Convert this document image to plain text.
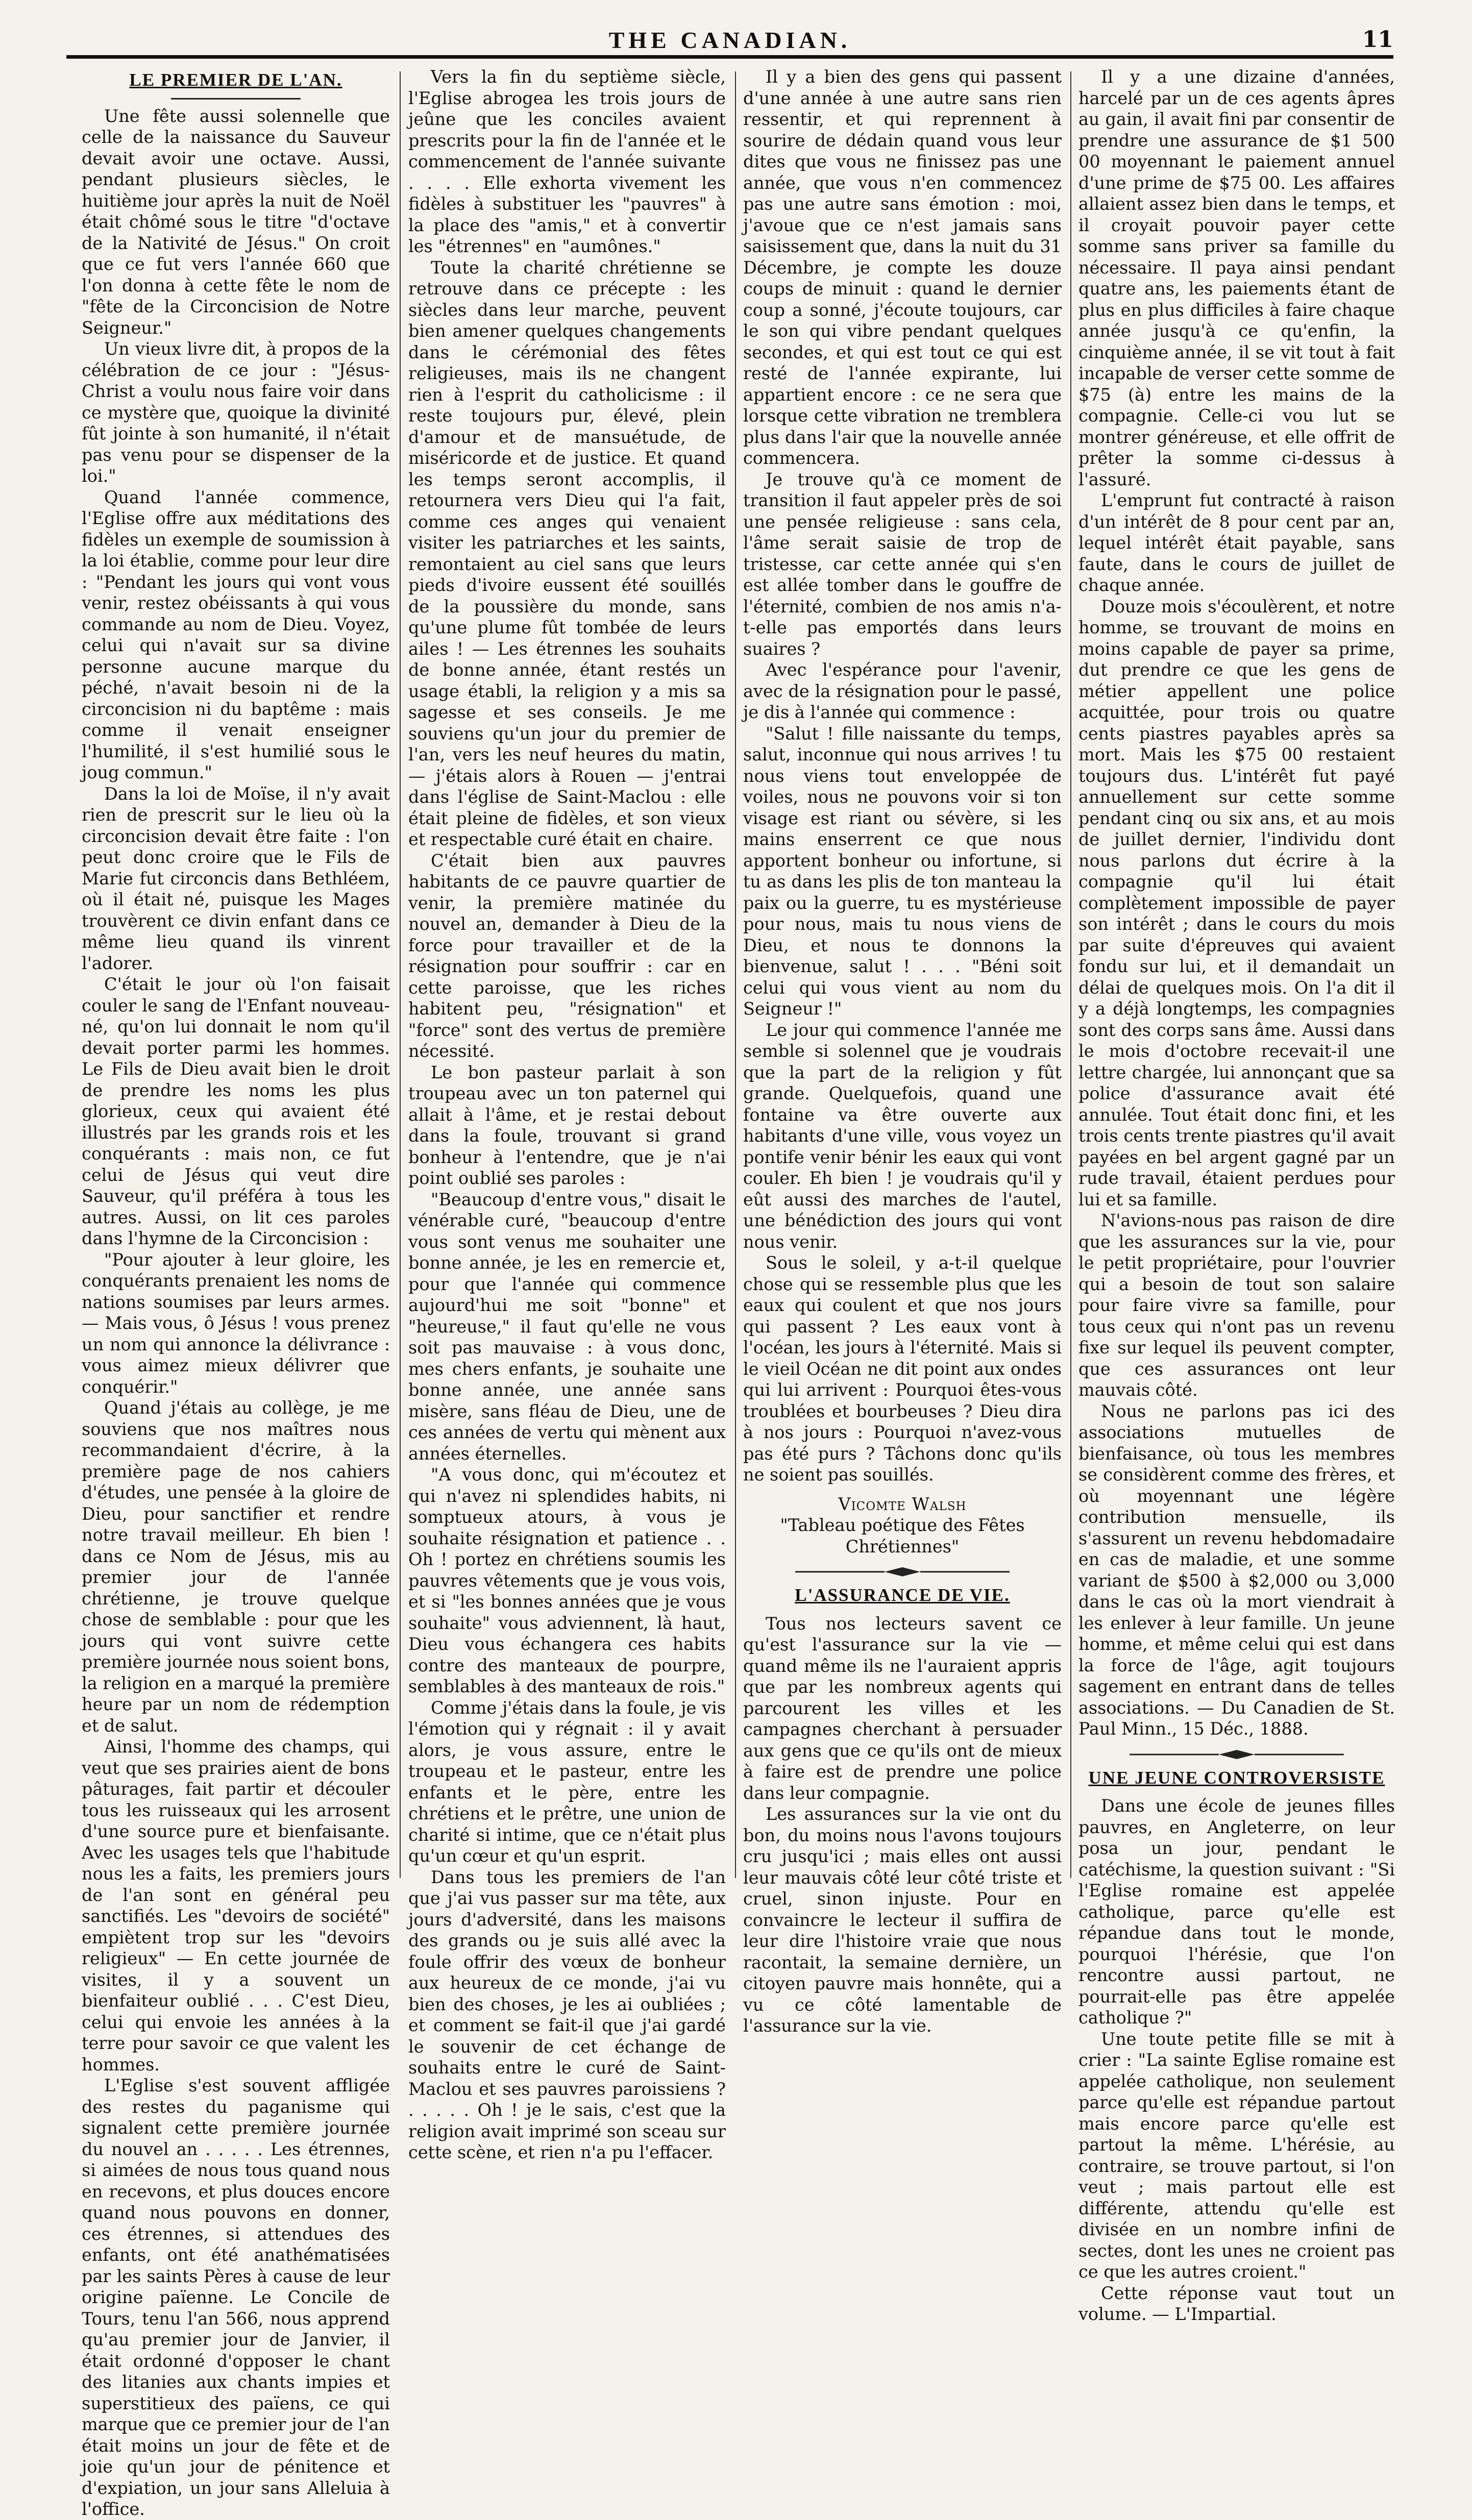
THE CANADIAN.	11
LE PREMIER DE L'AN.

Une fête aussi solennelle que celle de la naissance du Sauveur devait avoir une octave. Aussi, pendant plusieurs siècles, le huitième jour après la nuit de Noël était chômé sous le titre "d'octave de la Nativité de Jésus." On croit que ce fut vers l'année 660 que l'on donna à cette fête le nom de "fête de la Circoncision de Notre Seigneur."

Un vieux livre dit, à propos de la célébration de ce jour : "Jésus-Christ a voulu nous faire voir dans ce mystère que, quoique la divinité fût jointe à son humanité, il n'était pas venu pour se dispenser de la loi."

Quand l'année commence, l'Eglise offre aux méditations des fidèles un exemple de soumission à la loi établie, comme pour leur dire : "Pendant les jours qui vont vous venir, restez obéissants à qui vous commande au nom de Dieu. Voyez, celui qui n'avait sur sa divine personne aucune marque du péché, n'avait besoin ni de la circoncision ni du baptême : mais comme il venait enseigner l'humilité, il s'est humilié sous le joug commun."

Dans la loi de Moïse, il n'y avait rien de prescrit sur le lieu où la circoncision devait être faite : l'on peut donc croire que le Fils de Marie fut circoncis dans Bethléem, où il était né, puisque les Mages trouvèrent ce divin enfant dans ce même lieu quand ils vinrent l'adorer.

C'était le jour où l'on faisait couler le sang de l'Enfant nouveau-né, qu'on lui donnait le nom qu'il devait porter parmi les hommes. Le Fils de Dieu avait bien le droit de prendre les noms les plus glorieux, ceux qui avaient été illustrés par les grands rois et les conquérants : mais non, ce fut celui de Jésus qui veut dire Sauveur, qu'il préféra à tous les autres. Aussi, on lit ces paroles dans l'hymne de la Circoncision :

"Pour ajouter à leur gloire, les conquérants prenaient les noms de nations soumises par leurs armes. — Mais vous, ô Jésus ! vous prenez un nom qui annonce la délivrance : vous aimez mieux délivrer que conquérir."

Quand j'étais au collège, je me souviens que nos maîtres nous recommandaient d'écrire, à la première page de nos cahiers d'études, une pensée à la gloire de Dieu, pour sanctifier et rendre notre travail meilleur. Eh bien ! dans ce Nom de Jésus, mis au premier jour de l'année chrétienne, je trouve quelque chose de semblable : pour que les jours qui vont suivre cette première journée nous soient bons, la religion en a marqué la première heure par un nom de rédemption et de salut.

Ainsi, l'homme des champs, qui veut que ses prairies aient de bons pâturages, fait partir et découler tous les ruisseaux qui les arrosent d'une source pure et bienfaisante. Avec les usages tels que l'habitude nous les a faits, les premiers jours de l'an sont en général peu sanctifiés. Les "devoirs de société" empiètent trop sur les "devoirs religieux" — En cette journée de visites, il y a souvent un bienfaiteur oublié . . . C'est Dieu, celui qui envoie les années à la terre pour savoir ce que valent les hommes.

L'Eglise s'est souvent affligée des restes du paganisme qui signalent cette première journée du nouvel an . . . . . Les étrennes, si aimées de nous tous quand nous en recevons, et plus douces encore quand nous pouvons en donner, ces étrennes, si attendues des enfants, ont été anathématisées par les saints Pères à cause de leur origine païenne. Le Concile de Tours, tenu l'an 566, nous apprend qu'au premier jour de Janvier, il était ordonné d'opposer le chant des litanies aux chants impies et superstitieux des païens, ce qui marque que ce premier jour de l'an était moins un jour de fête et de joie qu'un jour de pénitence et d'expiation, un jour sans Alleluia à l'office.

Vers la fin du septième siècle, l'Eglise abrogea les trois jours de jeûne que les conciles avaient prescrits pour la fin de l'année et le commencement de l'année suivante . . . . Elle exhorta vivement les fidèles à substituer les "pauvres" à la place des "amis," et à convertir les "étrennes" en "aumônes."

Toute la charité chrétienne se retrouve dans ce précepte : les siècles dans leur marche, peuvent bien amener quelques changements dans le cérémonial des fêtes religieuses, mais ils ne changent rien à l'esprit du catholicisme : il reste toujours pur, élevé, plein d'amour et de mansuétude, de miséricorde et de justice. Et quand les temps seront accomplis, il retournera vers Dieu qui l'a fait, comme ces anges qui venaient visiter les patriarches et les saints, remontaient au ciel sans que leurs pieds d'ivoire eussent été souillés de la poussière du monde, sans qu'une plume fût tombée de leurs ailes ! — Les étrennes les souhaits de bonne année, étant restés un usage établi, la religion y a mis sa sagesse et ses conseils. Je me souviens qu'un jour du premier de l'an, vers les neuf heures du matin, — j'étais alors à Rouen — j'entrai dans l'église de Saint-Maclou : elle était pleine de fidèles, et son vieux et respectable curé était en chaire.

C'était bien aux pauvres habitants de ce pauvre quartier de venir, la première matinée du nouvel an, demander à Dieu de la force pour travailler et de la résignation pour souffrir : car en cette paroisse, que les riches habitent peu, "résignation" et "force" sont des vertus de première nécessité.

Le bon pasteur parlait à son troupeau avec un ton paternel qui allait à l'âme, et je restai debout dans la foule, trouvant si grand bonheur à l'entendre, que je n'ai point oublié ses paroles :

"Beaucoup d'entre vous," disait le vénérable curé, "beaucoup d'entre vous sont venus me souhaiter une bonne année, je les en remercie et, pour que l'année qui commence aujourd'hui me soit "bonne" et "heureuse," il faut qu'elle ne vous soit pas mauvaise : à vous donc, mes chers enfants, je souhaite une bonne année, une année sans misère, sans fléau de Dieu, une de ces années de vertu qui mènent aux années éternelles.

"A vous donc, qui m'écoutez et qui n'avez ni splendides habits, ni somptueux atours, à vous je souhaite résignation et patience . . Oh ! portez en chrétiens soumis les pauvres vêtements que je vous vois, et si "les bonnes années que je vous souhaite" vous adviennent, là haut, Dieu vous échangera ces habits contre des manteaux de pourpre, semblables à des manteaux de rois."

Comme j'étais dans la foule, je vis l'émotion qui y régnait : il y avait alors, je vous assure, entre le troupeau et le pasteur, entre les enfants et le père, entre les chrétiens et le prêtre, une union de charité si intime, que ce n'était plus qu'un cœur et qu'un esprit.

Dans tous les premiers de l'an que j'ai vus passer sur ma tête, aux jours d'adversité, dans les maisons des grands ou je suis allé avec la foule offrir des vœux de bonheur aux heureux de ce monde, j'ai vu bien des choses, je les ai oubliées ; et comment se fait-il que j'ai gardé le souvenir de cet échange de souhaits entre le curé de Saint-Maclou et ses pauvres paroissiens ? . . . . . Oh ! je le sais, c'est que la religion avait imprimé son sceau sur cette scène, et rien n'a pu l'effacer.

Il y a bien des gens qui passent d'une année à une autre sans rien ressentir, et qui reprennent à sourire de dédain quand vous leur dites que vous ne finissez pas une année, que vous n'en commencez pas une autre sans émotion : moi, j'avoue que ce n'est jamais sans saisissement que, dans la nuit du 31 Décembre, je compte les douze coups de minuit : quand le dernier coup a sonné, j'écoute toujours, car le son qui vibre pendant quelques secondes, et qui est tout ce qui est resté de l'année expirante, lui appartient encore : ce ne sera que lorsque cette vibration ne tremblera plus dans l'air que la nouvelle année commencera.

Je trouve qu'à ce moment de transition il faut appeler près de soi une pensée religieuse : sans cela, l'âme serait saisie de trop de tristesse, car cette année qui s'en est allée tomber dans le gouffre de l'éternité, combien de nos amis n'a-t-elle pas emportés dans leurs suaires ?

Avec l'espérance pour l'avenir, avec de la résignation pour le passé, je dis à l'année qui commence :

"Salut ! fille naissante du temps, salut, inconnue qui nous arrives ! tu nous viens tout enveloppée de voiles, nous ne pouvons voir si ton visage est riant ou sévère, si les mains enserrent ce que nous apportent bonheur ou infortune, si tu as dans les plis de ton manteau la paix ou la guerre, tu es mystérieuse pour nous, mais tu nous viens de Dieu, et nous te donnons la bienvenue, salut ! . . . "Béni soit celui qui vous vient au nom du Seigneur !"

Le jour qui commence l'année me semble si solennel que je voudrais que la part de la religion y fût grande. Quelquefois, quand une fontaine va être ouverte aux habitants d'une ville, vous voyez un pontife venir bénir les eaux qui vont couler. Eh bien ! je voudrais qu'il y eût aussi des marches de l'autel, une bénédiction des jours qui vont nous venir.

Sous le soleil, y a-t-il quelque chose qui se ressemble plus que les eaux qui coulent et que nos jours qui passent ? Les eaux vont à l'océan, les jours à l'éternité. Mais si le vieil Océan ne dit point aux ondes qui lui arrivent : Pourquoi êtes-vous troublées et bourbeuses ? Dieu dira à nos jours : Pourquoi n'avez-vous pas été purs ? Tâchons donc qu'ils ne soient pas souillés.

Vicomte Walsh
"Tableau poétique des Fêtes Chrétiennes"
L'ASSURANCE DE VIE.

Tous nos lecteurs savent ce qu'est l'assurance sur la vie — quand même ils ne l'auraient appris que par les nombreux agents qui parcourent les villes et les campagnes cherchant à persuader aux gens que ce qu'ils ont de mieux à faire est de prendre une police dans leur compagnie.

Les assurances sur la vie ont du bon, du moins nous l'avons toujours cru jusqu'ici ; mais elles ont aussi leur mauvais côté leur côté triste et cruel, sinon injuste. Pour en convaincre le lecteur il suffira de leur dire l'histoire vraie que nous racontait, la semaine dernière, un citoyen pauvre mais honnête, qui a vu ce côté lamentable de l'assurance sur la vie.

Il y a une dizaine d'années, harcelé par un de ces agents âpres au gain, il avait fini par consentir de prendre une assurance de $1 500 00 moyennant le paiement annuel d'une prime de $75 00. Les affaires allaient assez bien dans le temps, et il croyait pouvoir payer cette somme sans priver sa famille du nécessaire. Il paya ainsi pendant quatre ans, les paiements étant de plus en plus difficiles à faire chaque année jusqu'à ce qu'enfin, la cinquième année, il se vit tout à fait incapable de verser cette somme de $75 (à) entre les mains de la compagnie. Celle-ci vou lut se montrer généreuse, et elle offrit de prêter la somme ci-dessus à l'assuré.

L'emprunt fut contracté à raison d'un intérêt de 8 pour cent par an, lequel intérêt était payable, sans faute, dans le cours de juillet de chaque année.

Douze mois s'écoulèrent, et notre homme, se trouvant de moins en moins capable de payer sa prime, dut prendre ce que les gens de métier appellent une police acquittée, pour trois ou quatre cents piastres payables après sa mort. Mais les $75 00 restaient toujours dus. L'intérêt fut payé annuellement sur cette somme pendant cinq ou six ans, et au mois de juillet dernier, l'individu dont nous parlons dut écrire à la compagnie qu'il lui était complètement impossible de payer son intérêt ; dans le cours du mois par suite d'épreuves qui avaient fondu sur lui, et il demandait un délai de quelques mois. On l'a dit il y a déjà longtemps, les compagnies sont des corps sans âme. Aussi dans le mois d'octobre recevait-il une lettre chargée, lui annonçant que sa police d'assurance avait été annulée. Tout était donc fini, et les trois cents trente piastres qu'il avait payées en bel argent gagné par un rude travail, étaient perdues pour lui et sa famille.

N'avions-nous pas raison de dire que les assurances sur la vie, pour le petit propriétaire, pour l'ouvrier qui a besoin de tout son salaire pour faire vivre sa famille, pour tous ceux qui n'ont pas un revenu fixe sur lequel ils peuvent compter, que ces assurances ont leur mauvais côté.

Nous ne parlons pas ici des associations mutuelles de bienfaisance, où tous les membres se considèrent comme des frères, et où moyennant une légère contribution mensuelle, ils s'assurent un revenu hebdomadaire en cas de maladie, et une somme variant de $500 à $2,000 ou 3,000 dans le cas où la mort viendrait à les enlever à leur famille. Un jeune homme, et même celui qui est dans la force de l'âge, agit toujours sagement en entrant dans de telles associations. — Du Canadien de St. Paul Minn., 15 Déc., 1888.

UNE JEUNE CONTROVERSISTE

Dans une école de jeunes filles pauvres, en Angleterre, on leur posa un jour, pendant le catéchisme, la question suivant : "Si l'Eglise romaine est appelée catholique, parce qu'elle est répandue dans tout le monde, pourquoi l'hérésie, que l'on rencontre aussi partout, ne pourrait-elle pas être appelée catholique ?"

Une toute petite fille se mit à crier : "La sainte Eglise romaine est appelée catholique, non seulement parce qu'elle est répandue partout mais encore parce qu'elle est partout la même. L'hérésie, au contraire, se trouve partout, si l'on veut ; mais partout elle est différente, attendu qu'elle est divisée en un nombre infini de sectes, dont les unes ne croient pas ce que les autres croient."

Cette réponse vaut tout un volume. — L'Impartial.
